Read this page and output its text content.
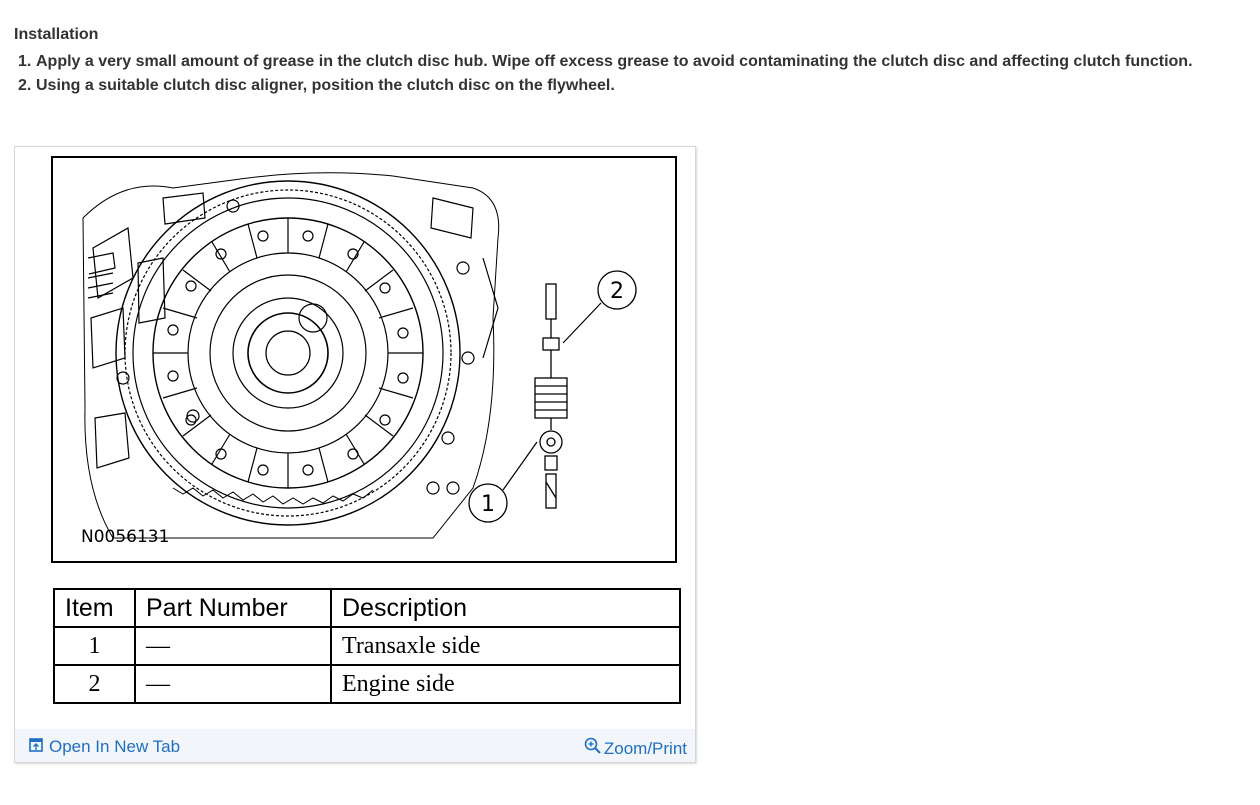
Installation
1. Apply a very small amount of grease in the clutch disc hub. Wipe off excess grease to avoid contaminating the clutch disc and affecting clutch function.
2. Using a suitable clutch disc aligner, position the clutch disc on the flywheel.
2
1
N0056131
Item	Part Number	Description
1	—	Transaxle side
2	—	Engine side
Open In New Tab	Zoom/Print
